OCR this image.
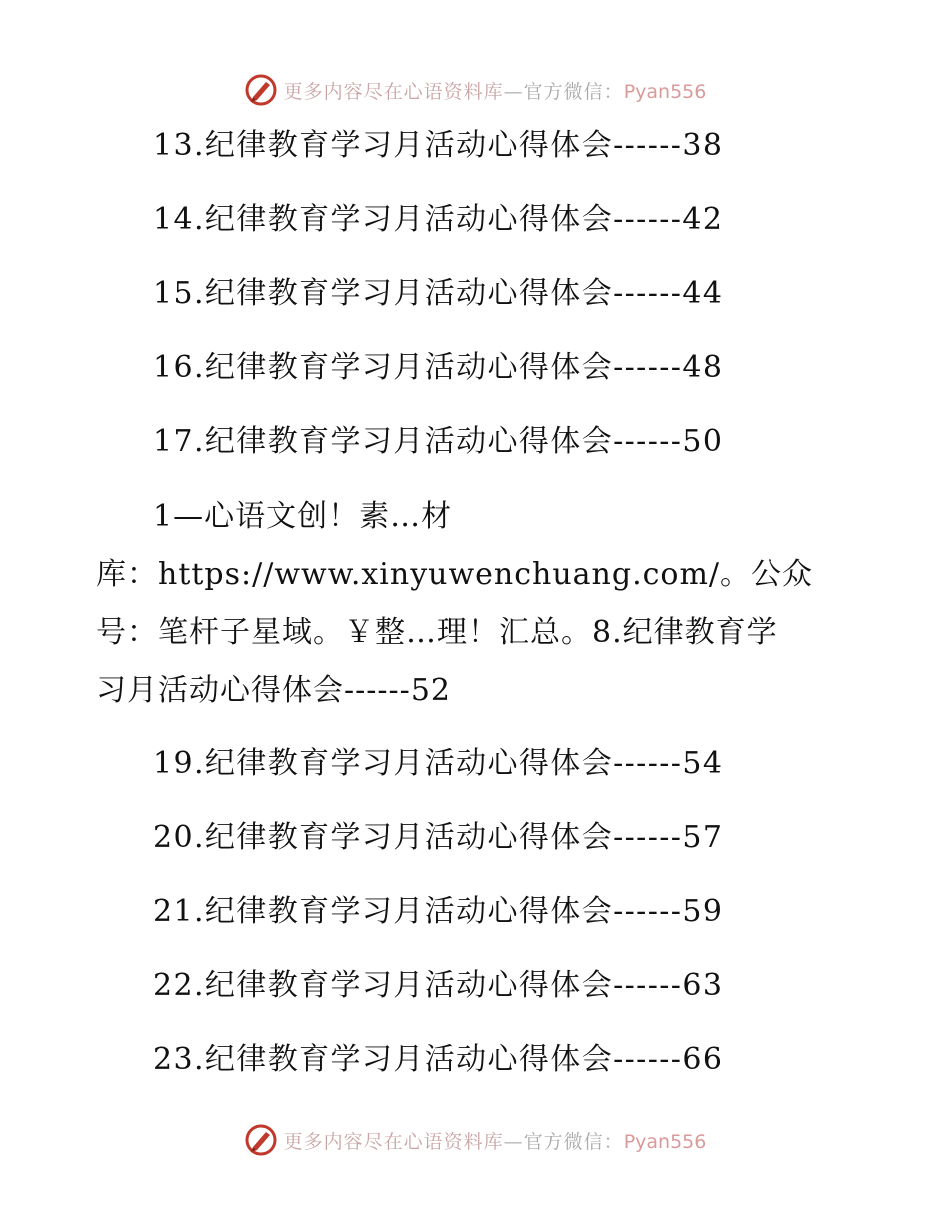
更多内容尽在心语资料库—官方微信：Pyan556
13.纪律教育学习月活动心得体会------38
14.纪律教育学习月活动心得体会------42
15.纪律教育学习月活动心得体会------44
16.纪律教育学习月活动心得体会------48
17.纪律教育学习月活动心得体会------50
1—心语文创！素…材
库：https://www.xinyuwenchuang.com/。公众
号：笔杆子星域。￥整…理！汇总。8.纪律教育学
习月活动心得体会------52
19.纪律教育学习月活动心得体会------54
20.纪律教育学习月活动心得体会------57
21.纪律教育学习月活动心得体会------59
22.纪律教育学习月活动心得体会------63
23.纪律教育学习月活动心得体会------66
更多内容尽在心语资料库—官方微信：Pyan556
